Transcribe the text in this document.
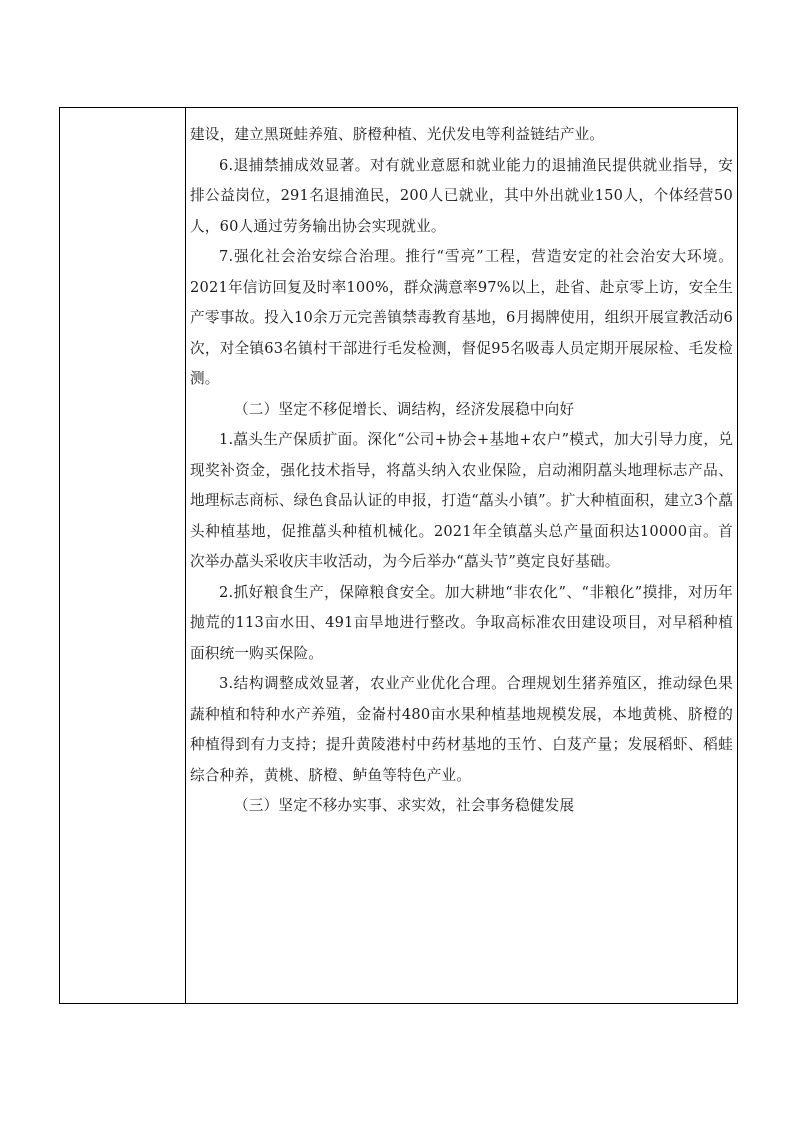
建设，建立黑斑蛙养殖、脐橙种植、光伏发电等利益链结产业。

6.退捕禁捕成效显著。对有就业意愿和就业能力的退捕渔民提供就业指导，安排公益岗位，291名退捕渔民，200人已就业，其中外出就业150人，个体经营50人，60人通过劳务输出协会实现就业。

7.强化社会治安综合治理。推行“雪亮”工程，营造安定的社会治安大环境。2021年信访回复及时率100%，群众满意率97%以上，赴省、赴京零上访，安全生产零事故。投入10余万元完善镇禁毒教育基地，6月揭牌使用，组织开展宣教活动6次，对全镇63名镇村干部进行毛发检测，督促95名吸毒人员定期开展尿检、毛发检测。

（二）坚定不移促增长、调结构，经济发展稳中向好

1.藠头生产保质扩面。深化“公司+协会+基地+农户”模式，加大引导力度，兑现奖补资金，强化技术指导，将藠头纳入农业保险，启动湘阴藠头地理标志产品、地理标志商标、绿色食品认证的申报，打造“藠头小镇”。扩大种植面积，建立3个藠头种植基地，促推藠头种植机械化。2021年全镇藠头总产量面积达10000亩。首次举办藠头采收庆丰收活动，为今后举办“藠头节”奠定良好基础。

2.抓好粮食生产，保障粮食安全。加大耕地“非农化”、“非粮化”摸排，对历年抛荒的113亩水田、491亩旱地进行整改。争取高标准农田建设项目，对早稻种植面积统一购买保险。

3.结构调整成效显著，农业产业优化合理。合理规划生猪养殖区，推动绿色果蔬种植和特种水产养殖，金崙村480亩水果种植基地规模发展，本地黄桃、脐橙的种植得到有力支持；提升黄陵港村中药材基地的玉竹、白芨产量；发展稻虾、稻蛙综合种养，黄桃、脐橙、鲈鱼等特色产业。

（三）坚定不移办实事、求实效，社会事务稳健发展
